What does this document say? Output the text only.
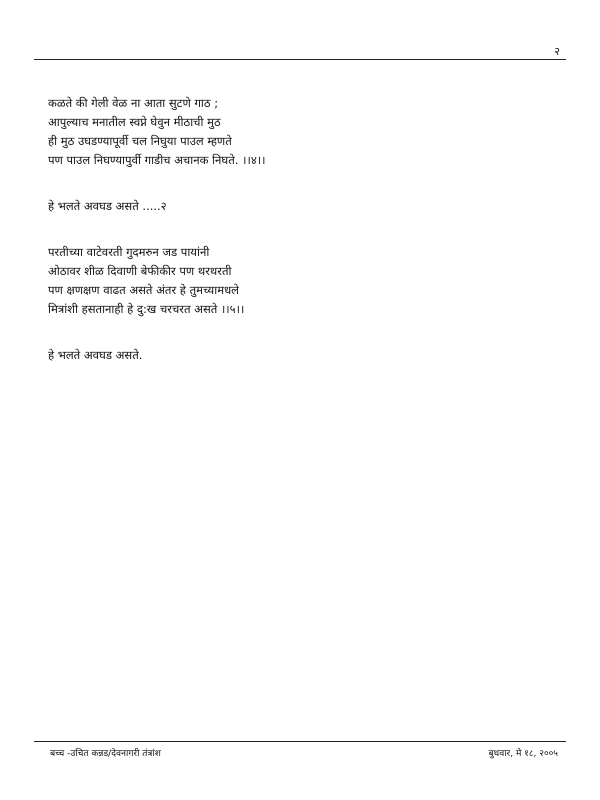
२
कळते की गेली वेळ ना आता सुटणे गाठ ;
आपुल्याच मनातील स्वप्ने घेवुन मीठाची मुठ
ही मुठ उघडण्यापूर्वी चल निघुया पाउल म्हणते
पण पाउल निघण्यापुर्वी गाडीच अचानक निघते. ।।४।।
हे भलते अवघड असते .....२
परतीच्या वाटेवरती गुदमरुन जड पायांनी
ओठावर शीळ दिवाणी बेफीकीर पण थरथरती
पण क्षणक्षण वाढत असते अंतर हे तुमच्यामधले
मित्रांशी हसतानाही हे दु:ख चरचरत असते ।।५।।
हे भलते अवघड असते.
बच्च -उचित कन्नड/देवनागरी तंत्रांश	बुधवार, मे १८, २००५
